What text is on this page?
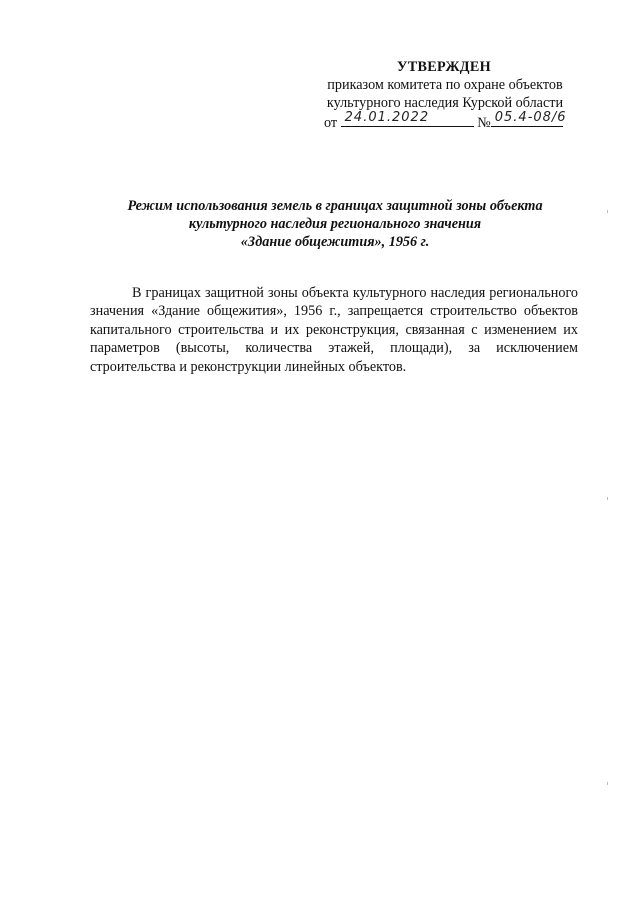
УТВЕРЖДЕН
приказом комитета по охране объектов
культурного наследия Курской области
от 24.01.2022	№ 05.4-08/6
Режим использования земель в границах защитной зоны объекта
культурного наследия регионального значения
«Здание общежития», 1956 г.
В границах защитной зоны объекта культурного наследия регионального значения «Здание общежития», 1956 г., запрещается строительство объектов капитального строительства и их реконструкция, связанная с изменением их параметров (высоты, количества этажей, площади), за исключением строительства и реконструкции линейных объектов.
